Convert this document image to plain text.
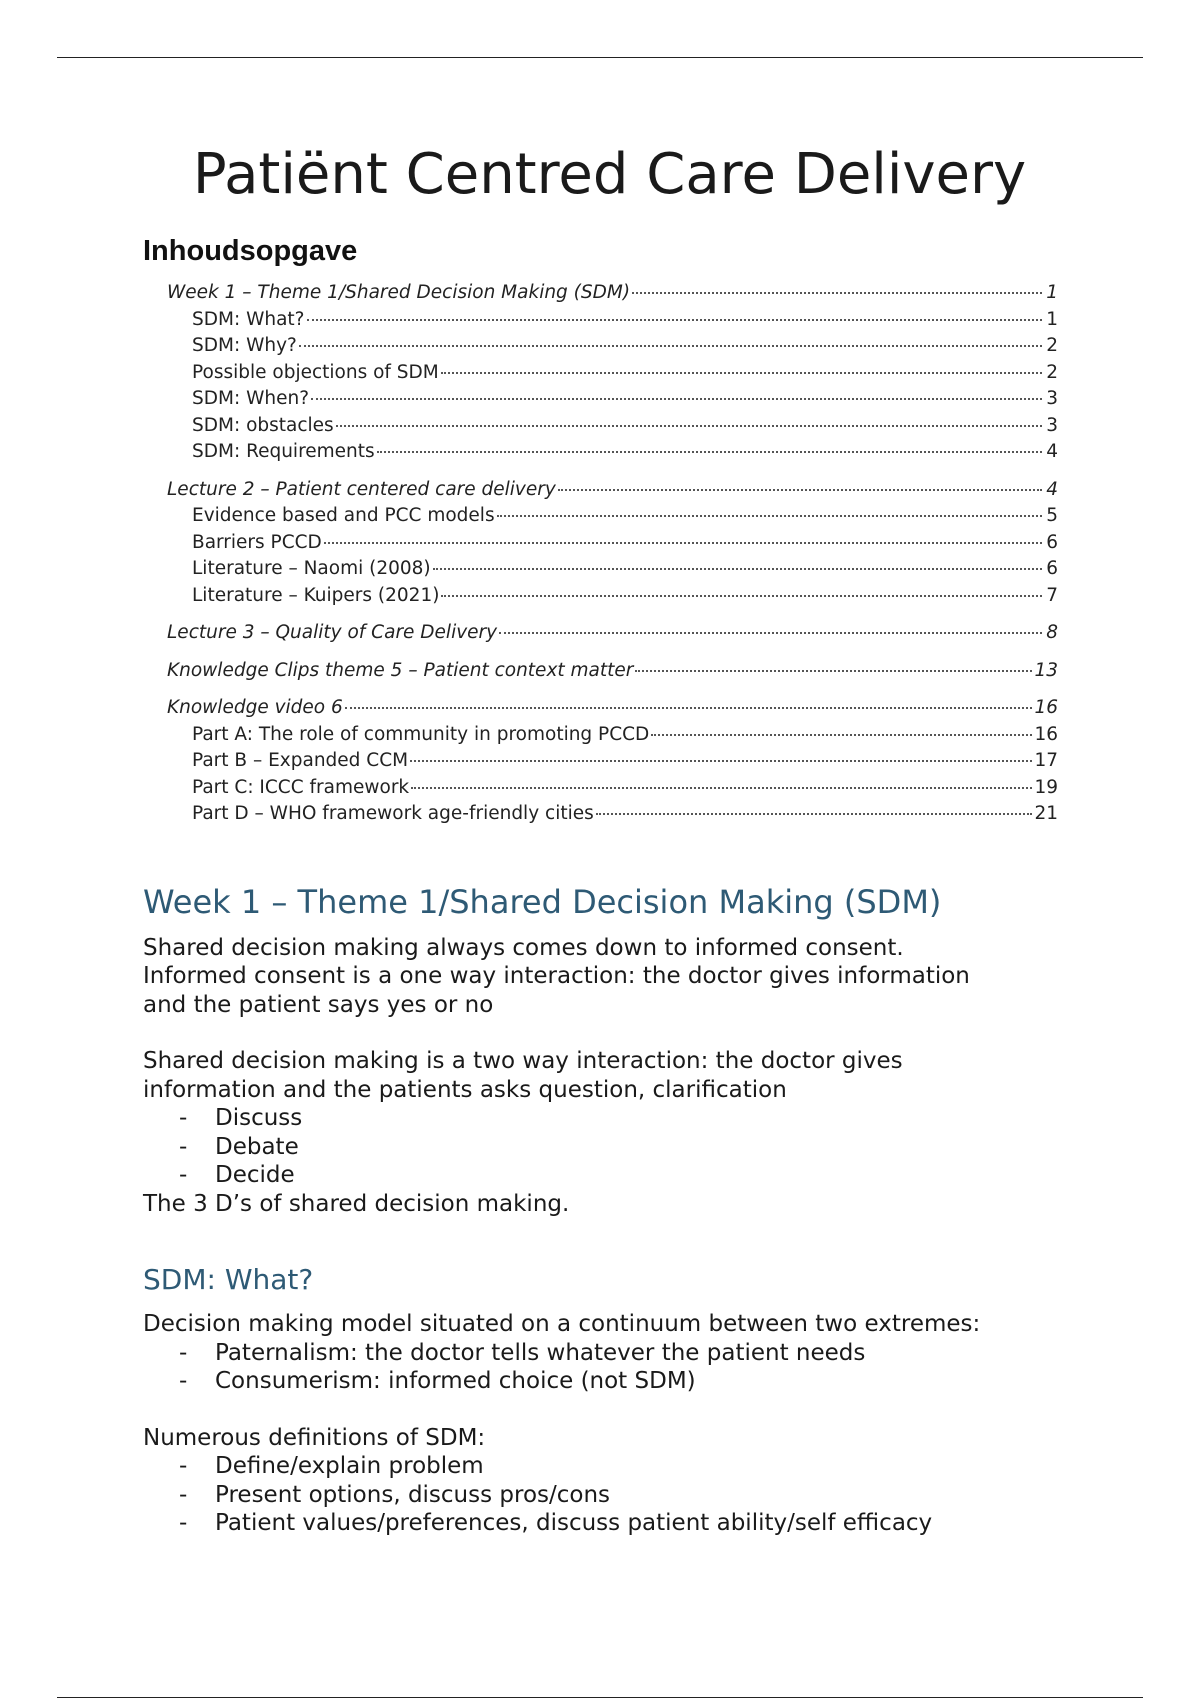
Patiënt Centred Care Delivery
Inhoudsopgave
Week 1 – Theme 1/Shared Decision Making (SDM)	1
SDM: What?	1
SDM: Why?	2
Possible objections of SDM	2
SDM: When?	3
SDM: obstacles	3
SDM: Requirements	4
Lecture 2 – Patient centered care delivery	4
Evidence based and PCC models	5
Barriers PCCD	6
Literature – Naomi (2008)	6
Literature – Kuipers (2021)	7
Lecture 3 – Quality of Care Delivery	8
Knowledge Clips theme 5 – Patient context matter	13
Knowledge video 6	16
Part A: The role of community in promoting PCCD	16
Part B – Expanded CCM	17
Part C: ICCC framework	19
Part D – WHO framework age-friendly cities	21
Week 1 – Theme 1/Shared Decision Making (SDM)

Shared decision making always comes down to informed consent.

Informed consent is a one way interaction: the doctor gives information

and the patient says yes or no

Shared decision making is a two way interaction: the doctor gives

information and the patients asks question, clarification

- Discuss
- Debate
- Decide

The 3 D’s of shared decision making.

SDM: What?

Decision making model situated on a continuum between two extremes:

- Paternalism: the doctor tells whatever the patient needs
- Consumerism: informed choice (not SDM)

Numerous definitions of SDM:

- Define/explain problem
- Present options, discuss pros/cons
- Patient values/preferences, discuss patient ability/self efficacy
